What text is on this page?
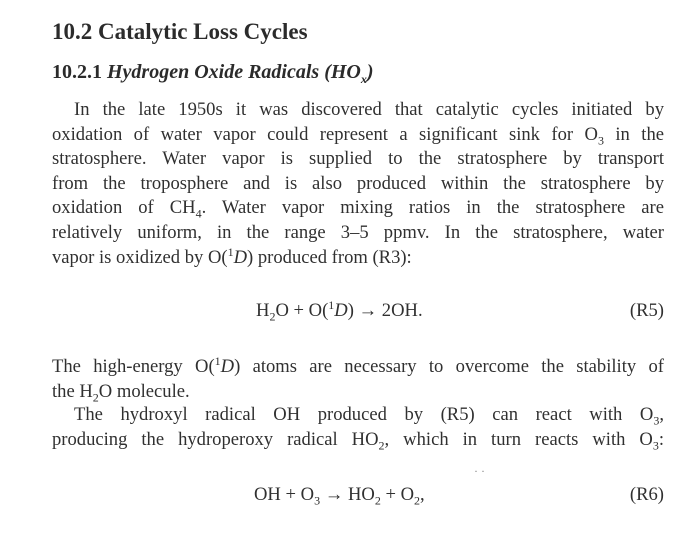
10.2 Catalytic Loss Cycles
10.2.1 Hydrogen Oxide Radicals $(HO_x)$
In the late 1950s it was discovered that catalytic cycles initiated by
oxidation of water vapor could represent a significant sink for $O_3$ in the
stratosphere. Water vapor is supplied to the stratosphere by transport
from the troposphere and is also produced within the stratosphere by
oxidation of $CH_4$. Water vapor mixing ratios in the stratosphere are
relatively uniform, in the range 3–5 ppmv. In the stratosphere, water
vapor is oxidized by O($^1$D) produced from (R3):
$H_2O + O(^1D) \to 2OH$.	(R5)
The high-energy O($^1$D) atoms are necessary to overcome the stability of
the $H_2O$ molecule.
The hydroxyl radical OH produced by (R5) can react with $O_3$,
producing the hydroperoxy radical $HO_2$, which in turn reacts with $O_3$:
· ·
OH + $O_3 \to HO_2 + O_2$,	(R6)
